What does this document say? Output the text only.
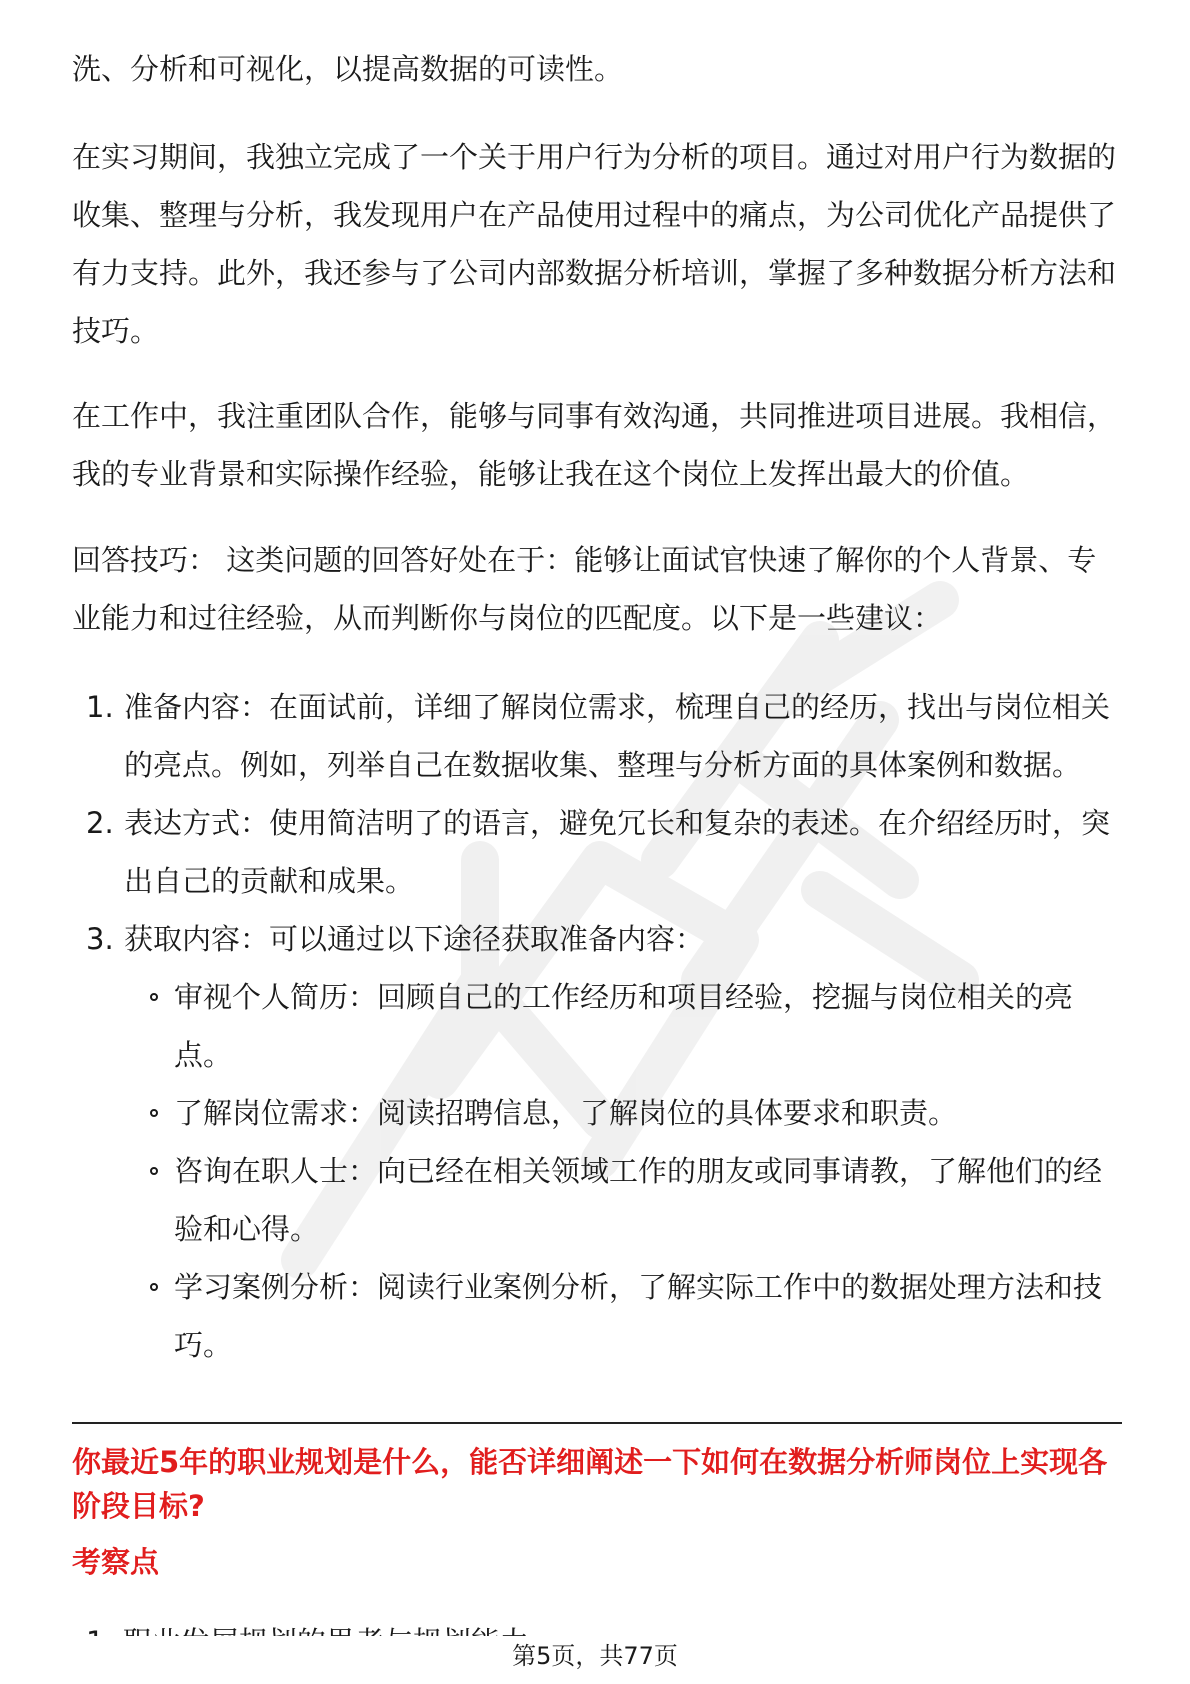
洗、分析和可视化，以提高数据的可读性。

在实习期间，我独立完成了一个关于用户行为分析的项目。通过对用户行为数据的收集、整理与分析，我发现用户在产品使用过程中的痛点，为公司优化产品提供了有力支持。此外，我还参与了公司内部数据分析培训，掌握了多种数据分析方法和技巧。

在工作中，我注重团队合作，能够与同事有效沟通，共同推进项目进展。我相信，我的专业背景和实际操作经验，能够让我在这个岗位上发挥出最大的价值。

回答技巧： 这类问题的回答好处在于：能够让面试官快速了解你的个人背景、专业能力和过往经验，从而判断你与岗位的匹配度。以下是一些建议：

1. 准备内容：在面试前，详细了解岗位需求，梳理自己的经历，找出与岗位相关的亮点。例如，列举自己在数据收集、整理与分析方面的具体案例和数据。
2. 表达方式：使用简洁明了的语言，避免冗长和复杂的表述。在介绍经历时，突出自己的贡献和成果。
3. 获取内容：可以通过以下途径获取准备内容：
审视个人简历：回顾自己的工作经历和项目经验，挖掘与岗位相关的亮点。
了解岗位需求：阅读招聘信息，了解岗位的具体要求和职责。
咨询在职人士：向已经在相关领域工作的朋友或同事请教，了解他们的经验和心得。
学习案例分析：阅读行业案例分析，了解实际工作中的数据处理方法和技巧。
你最近5年的职业规划是什么，能否详细阐述一下如何在数据分析师岗位上实现各阶段目标?
考察点
第5页，共77页
